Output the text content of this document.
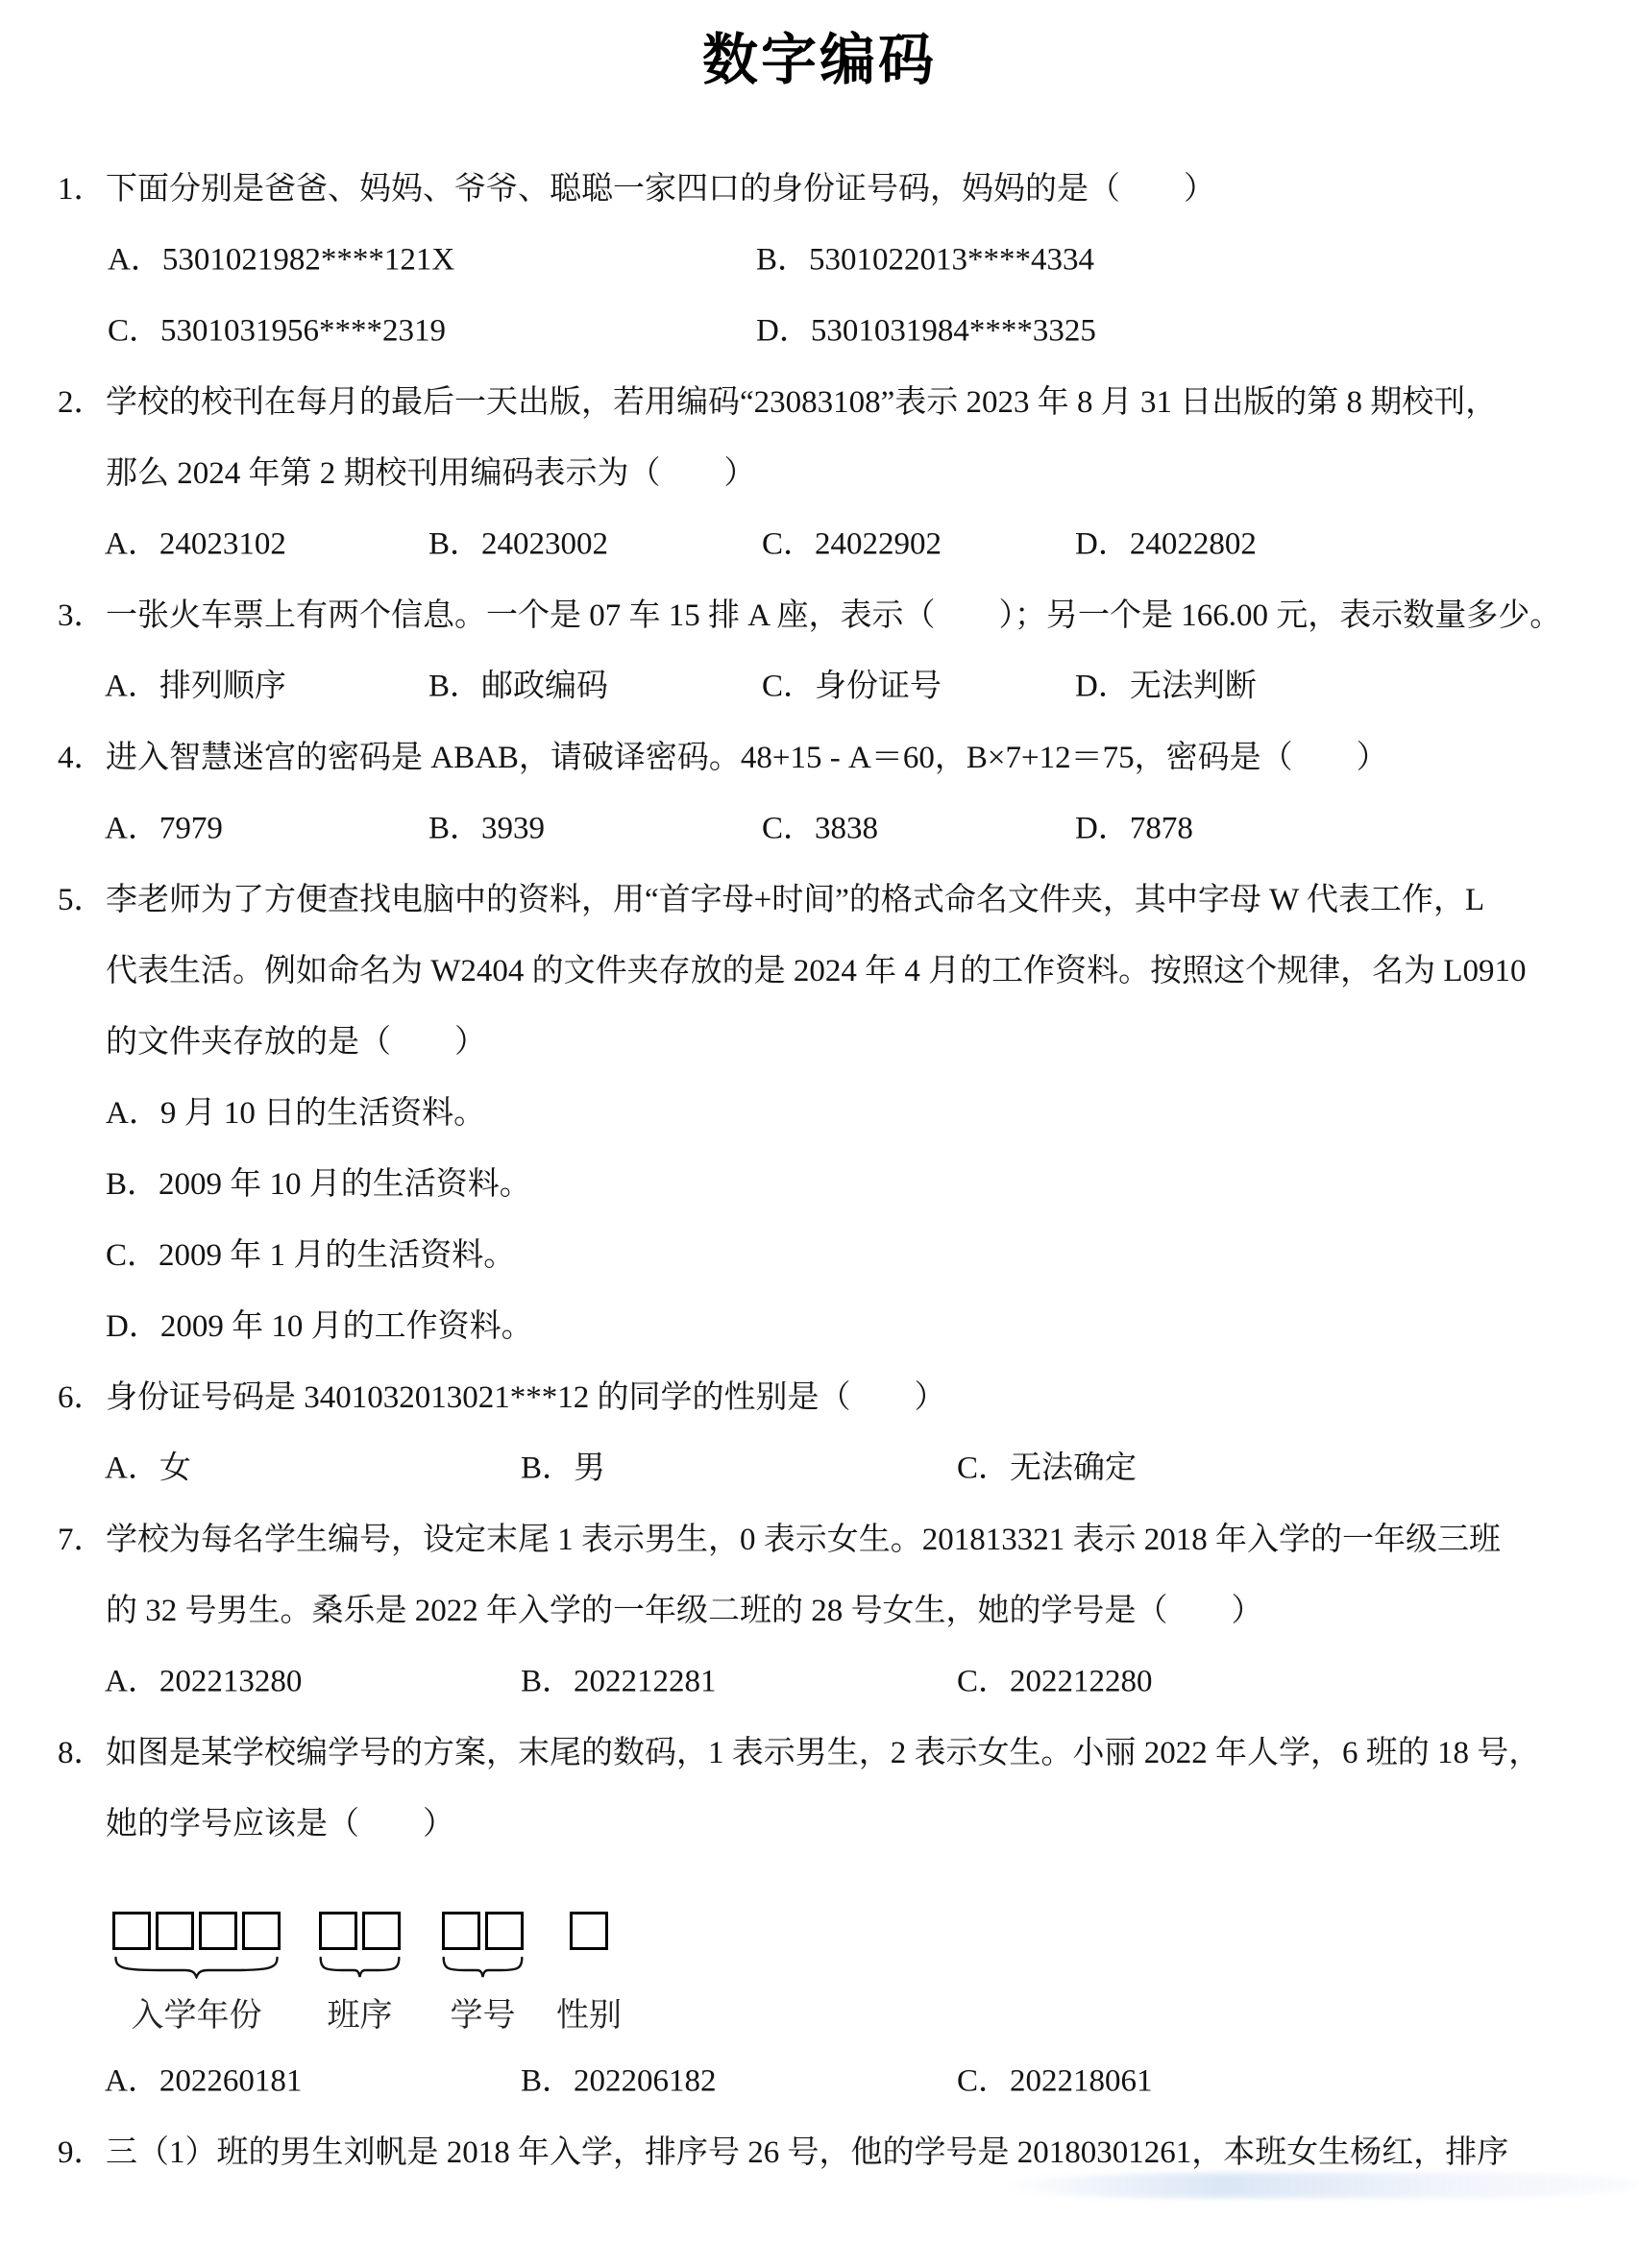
数字编码
1． 下面分别是爸爸、妈妈、爷爷、聪聪一家四口的身份证号码，妈妈的是（　　）
A．5301021982****121X	B．5301022013****4334
C．5301031956****2319	D．5301031984****3325
2． 学校的校刊在每月的最后一天出版，若用编码“23083108”表示 2023 年 8 月 31 日出版的第 8 期校刊，
那么 2024 年第 2 期校刊用编码表示为（　　）
A．24023102	B．24023002	C．24022902	D．24022802
3． 一张火车票上有两个信息。一个是 07 车 15 排 A 座，表示（　　）；另一个是 166.00 元，表示数量多少。
A．排列顺序	B．邮政编码	C．身份证号	D．无法判断
4． 进入智慧迷宫的密码是 ABAB，请破译密码。48+15 - A＝60，B×7+12＝75，密码是（　　）
A．7979	B．3939	C．3838	D．7878
5． 李老师为了方便查找电脑中的资料，用“首字母+时间”的格式命名文件夹，其中字母 W 代表工作，L
代表生活。例如命名为 W2404 的文件夹存放的是 2024 年 4 月的工作资料。按照这个规律，名为 L0910
的文件夹存放的是（　　）
A．9 月 10 日的生活资料。
B．2009 年 10 月的生活资料。
C．2009 年 1 月的生活资料。
D．2009 年 10 月的工作资料。
6． 身份证号码是 3401032013021***12 的同学的性别是（　　）
A．女	B．男	C．无法确定
7． 学校为每名学生编号，设定末尾 1 表示男生，0 表示女生。201813321 表示 2018 年入学的一年级三班
的 32 号男生。桑乐是 2022 年入学的一年级二班的 28 号女生，她的学号是（　　）
A．202213280	B．202212281	C．202212280
8． 如图是某学校编学号的方案，末尾的数码，1 表示男生，2 表示女生。小丽 2022 年人学，6 班的 18 号，
她的学号应该是（　　）
入学年份 班序 学号 性别
A．202260181	B．202206182	C．202218061
9． 三（1）班的男生刘帆是 2018 年入学，排序号 26 号，他的学号是 20180301261，本班女生杨红，排序
